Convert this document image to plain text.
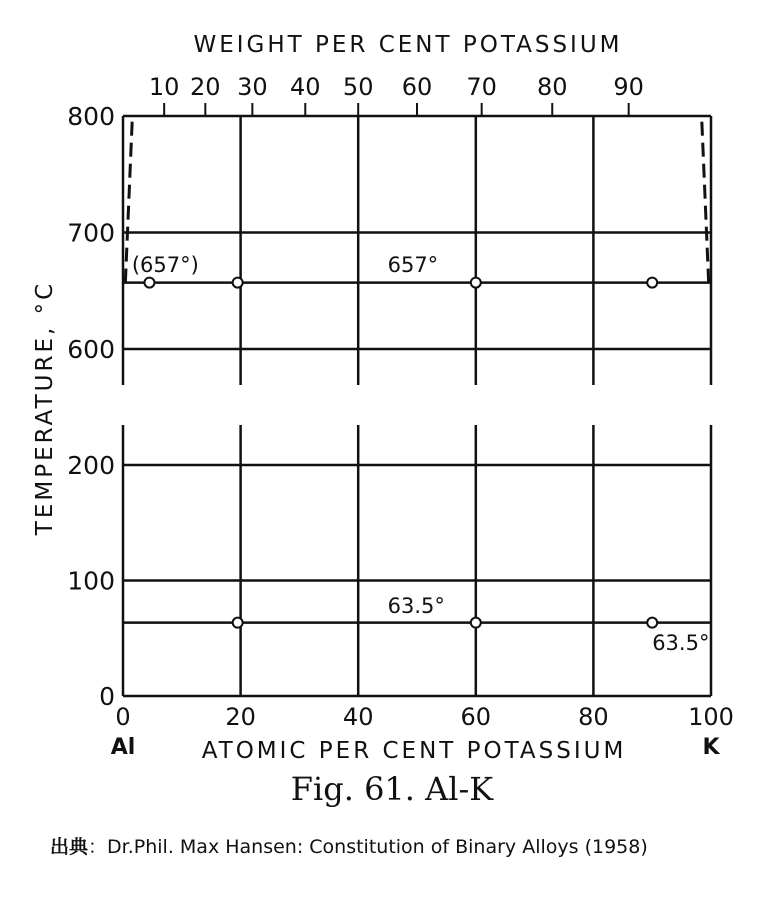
600
700
800
0
100
200
(657°)	657°
63.5°
63.5°
0	20	40	60	80	100
Al	K
ATOMIC PER CENT POTASSIUM
WEIGHT PER CENT POTASSIUM
10 20 30 40 50 60 70 80 90
TEMPERATURE, °C
Fig. 61. Al-K
出典：Dr.Phil. Max Hansen: Constitution of Binary Alloys (1958)
